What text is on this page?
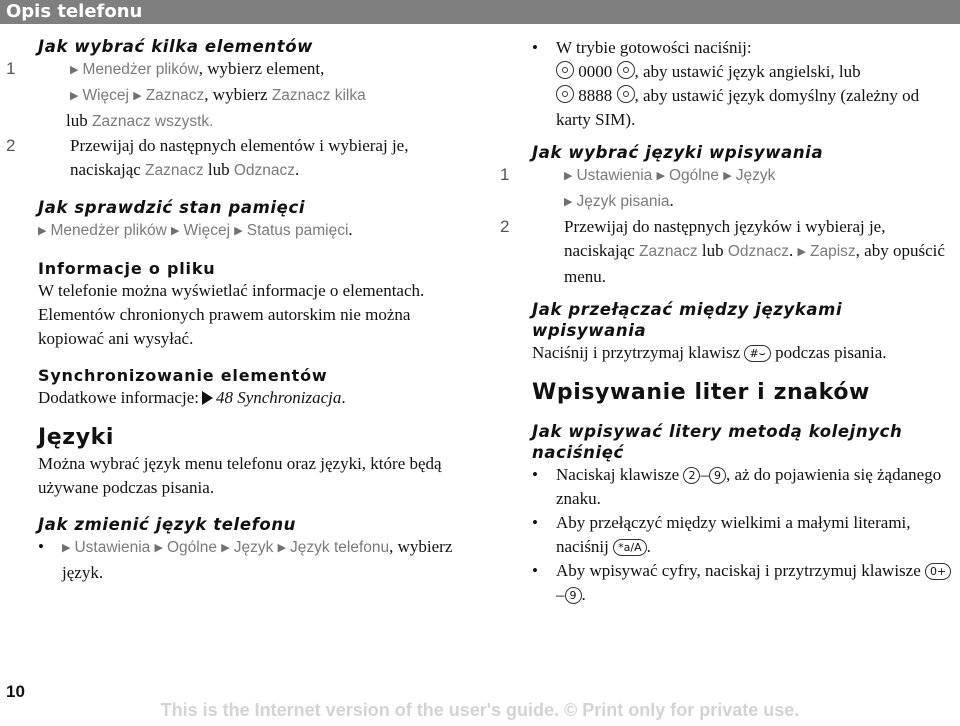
Opis telefonu
Jak wybrać kilka elementów

1	▶ Menedżer plików, wybierz element,
▶ Więcej ▶ Zaznacz, wybierz Zaznacz kilka
lub Zaznacz wszystk.

2	Przewijaj do następnych elementów i wybieraj je, naciskając Zaznacz lub Odznacz.

Jak sprawdzić stan pamięci

▶ Menedżer plików ▶ Więcej ▶ Status pamięci.

Informacje o pliku

W telefonie można wyświetlać informacje o elementach. Elementów chronionych prawem autorskim nie można kopiować ani wysyłać.

Synchronizowanie elementów

Dodatkowe informacje: 48 Synchronizacja.

Języki

Można wybrać język menu telefonu oraz języki, które będą używane podczas pisania.

Jak zmienić język telefonu

• ▶ Ustawienia ▶ Ogólne ▶ Język ▶ Język telefonu, wybierz język.

• W trybie gotowości naciśnij:
0000 , aby ustawić język angielski, lub
8888 , aby ustawić język domyślny (zależny od karty SIM).

Jak wybrać języki wpisywania

1	▶ Ustawienia ▶ Ogólne ▶ Język
▶ Język pisania.

2	Przewijaj do następnych języków i wybieraj je, naciskając Zaznacz lub Odznacz. ▶ Zapisz, aby opuścić menu.

Jak przełączać między językami wpisywania

Naciśnij i przytrzymaj klawisz #⌣ podczas pisania.

Wpisywanie liter i znaków
Jak wpisywać litery metodą kolejnych naciśnięć

• Naciskaj klawisze 2 – 9 , aż do pojawienia się żądanego znaku.

• Aby przełączyć między wielkimi a małymi literami, naciśnij *a/A .

• Aby wpisywać cyfry, naciskaj i przytrzymuj klawisze 0+– 9 .

10
This is the Internet version of the user's guide. © Print only for private use.
